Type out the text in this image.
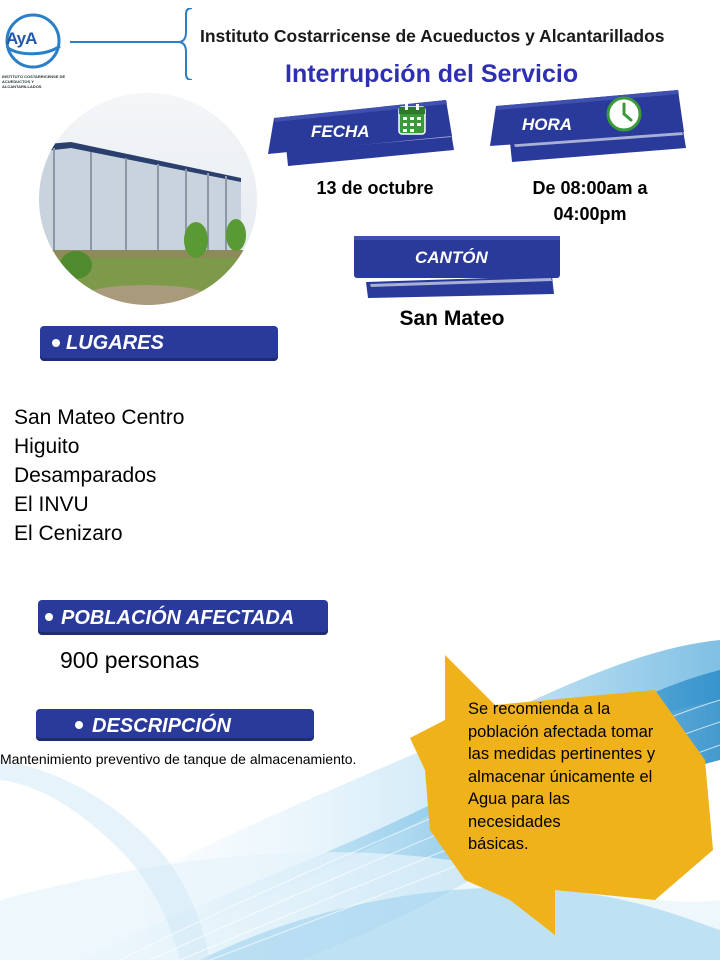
AyA
INSTITUTO COSTARRICENSE DE ACUEDUCTOS Y ALCANTARILLADOS
Instituto Costarricense de Acueductos y Alcantarillados
Interrupción del Servicio
FECHA
13 de octubre
HORA
De 08:00am a
04:00pm
CANTÓN
San Mateo
LUGARES
San Mateo Centro
Higuito
Desamparados
El INVU
El Cenizaro
POBLACIÓN AFECTADA
900 personas
DESCRIPCIÓN
Mantenimiento preventivo de tanque de almacenamiento.
Se recomienda a la
población afectada tomar
las medidas pertinentes y
almacenar únicamente el
Agua para las
necesidades
básicas.
